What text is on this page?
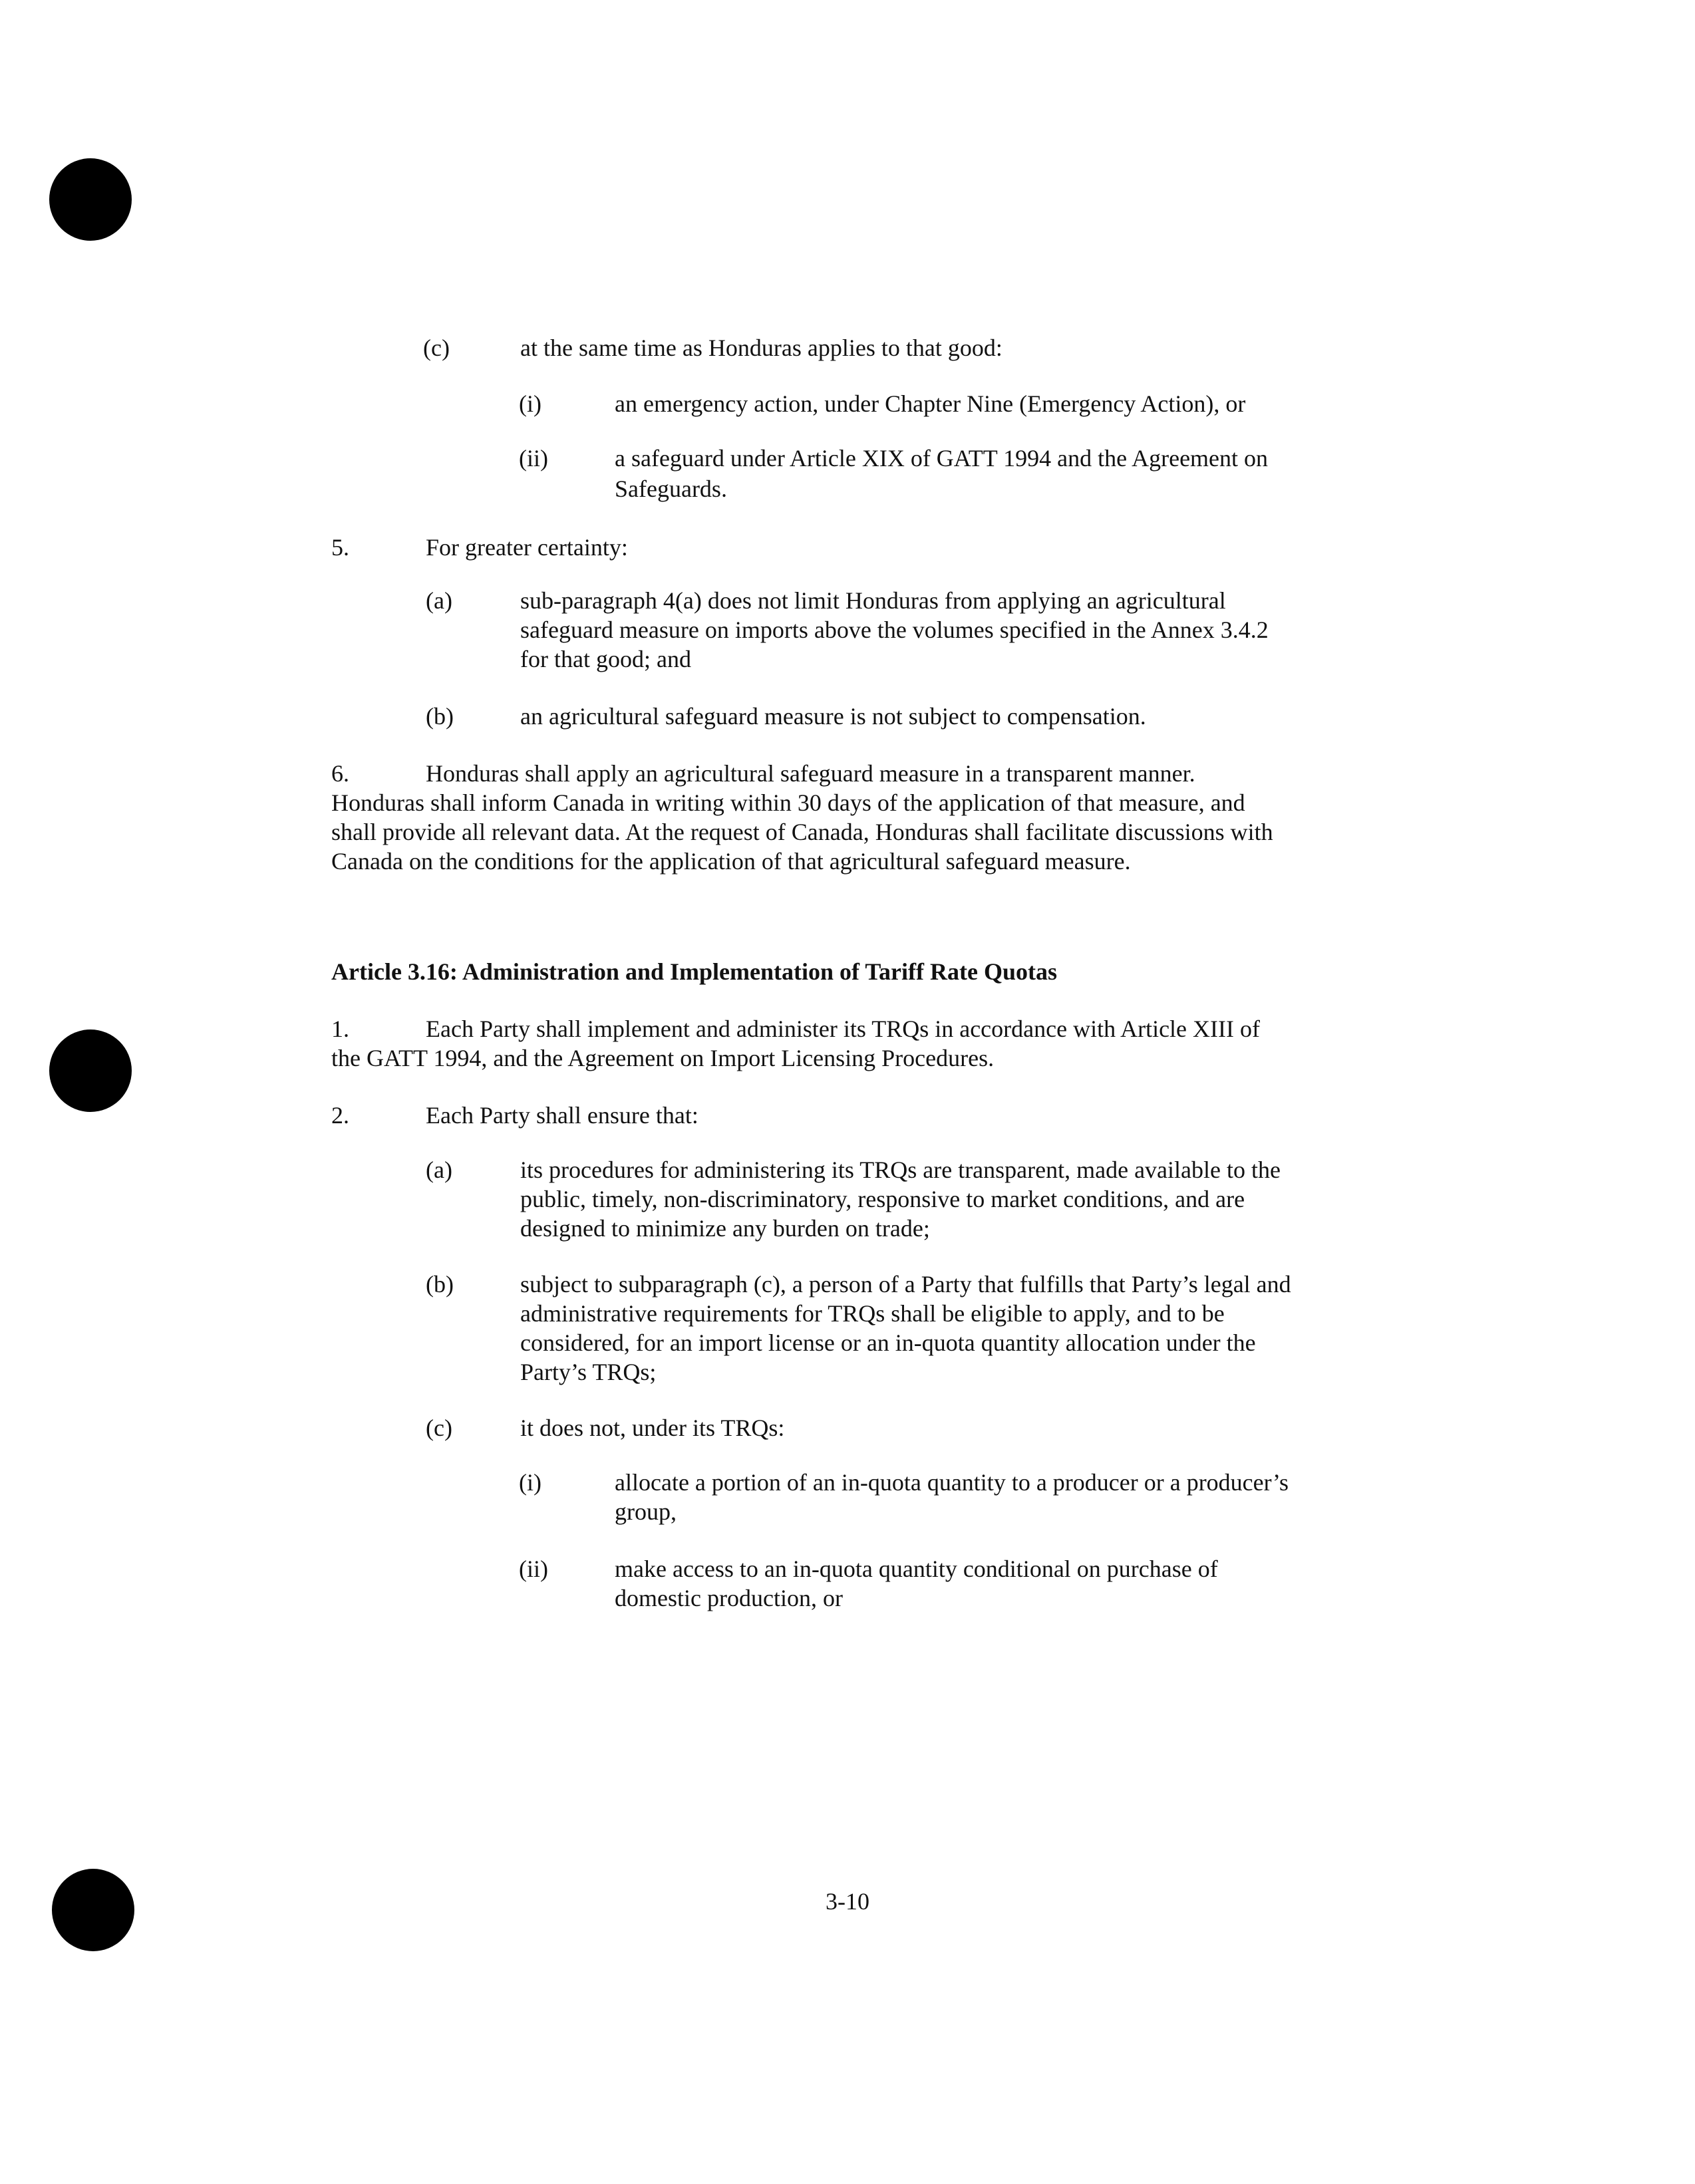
(c)	at the same time as Honduras applies to that good:
(i)	an emergency action, under Chapter Nine (Emergency Action), or
(ii)	a safeguard under Article XIX of GATT 1994 and the Agreement on
Safeguards.
5.	For greater certainty:
(a)	sub-paragraph 4(a) does not limit Honduras from applying an agricultural
safeguard measure on imports above the volumes specified in the Annex 3.4.2
for that good; and
(b)	an agricultural safeguard measure is not subject to compensation.
6.	Honduras shall apply an agricultural safeguard measure in a transparent manner.
Honduras shall inform Canada in writing within 30 days of the application of that measure, and
shall provide all relevant data. At the request of Canada, Honduras shall facilitate discussions with
Canada on the conditions for the application of that agricultural safeguard measure.
Article 3.16: Administration and Implementation of Tariff Rate Quotas
1.	Each Party shall implement and administer its TRQs in accordance with Article XIII of
the GATT 1994, and the Agreement on Import Licensing Procedures.
2.	Each Party shall ensure that:
(a)	its procedures for administering its TRQs are transparent, made available to the
public, timely, non-discriminatory, responsive to market conditions, and are
designed to minimize any burden on trade;
(b)	subject to subparagraph (c), a person of a Party that fulfills that Party’s legal and
administrative requirements for TRQs shall be eligible to apply, and to be
considered, for an import license or an in-quota quantity allocation under the
Party’s TRQs;
(c)	it does not, under its TRQs:
(i)	allocate a portion of an in-quota quantity to a producer or a producer’s
group,
(ii)	make access to an in-quota quantity conditional on purchase of
domestic production, or
3-10
